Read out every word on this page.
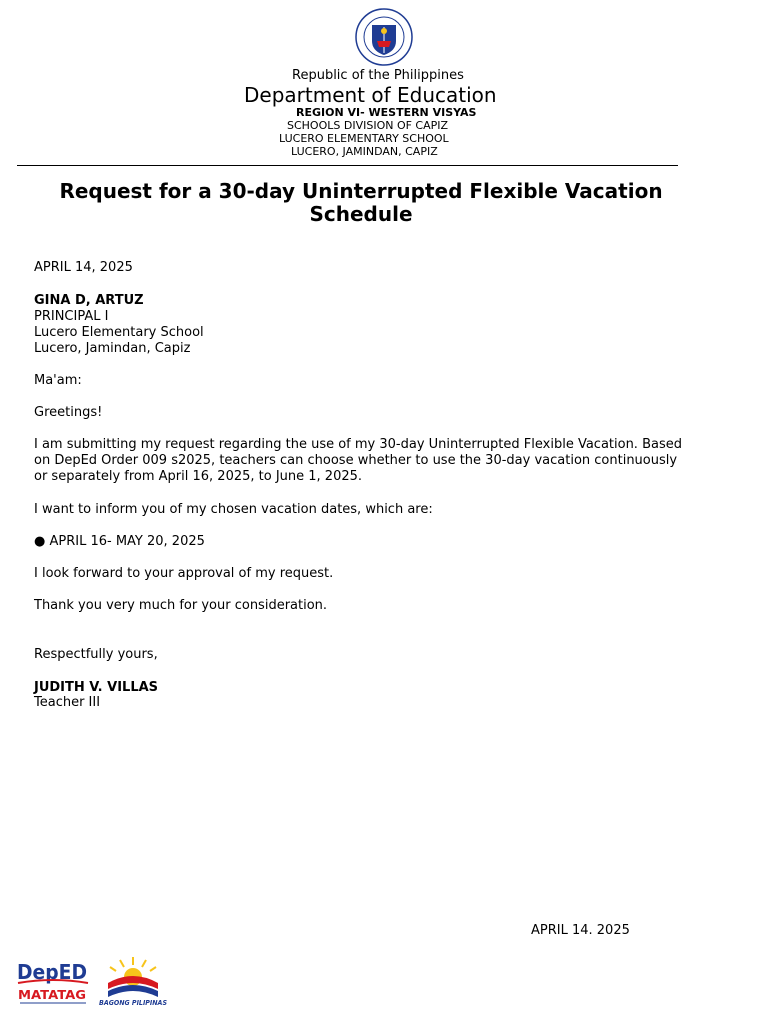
Republic of the Philippines
Department of Education
REGION VI- WESTERN VISYAS
SCHOOLS DIVISION OF CAPIZ
LUCERO ELEMENTARY SCHOOL
LUCERO, JAMINDAN, CAPIZ
Request for a 30-day Uninterrupted Flexible Vacation Schedule
APRIL 14, 2025
GINA D, ARTUZ
PRINCIPAL I
Lucero Elementary School
Lucero, Jamindan, Capiz
Ma'am:
Greetings!
I am submitting my request regarding the use of my 30-day Uninterrupted Flexible Vacation. Based on DepEd Order 009 s2025, teachers can choose whether to use the 30-day vacation continuously or separately from April 16, 2025, to June 1, 2025.
I want to inform you of my chosen vacation dates, which are:
● APRIL 16- MAY 20, 2025
I look forward to your approval of my request.
Thank you very much for your consideration.
Respectfully yours,
JUDITH V. VILLAS
Teacher III
APRIL 14. 2025
DepED
MATATAG
BAGONG PILIPINAS
